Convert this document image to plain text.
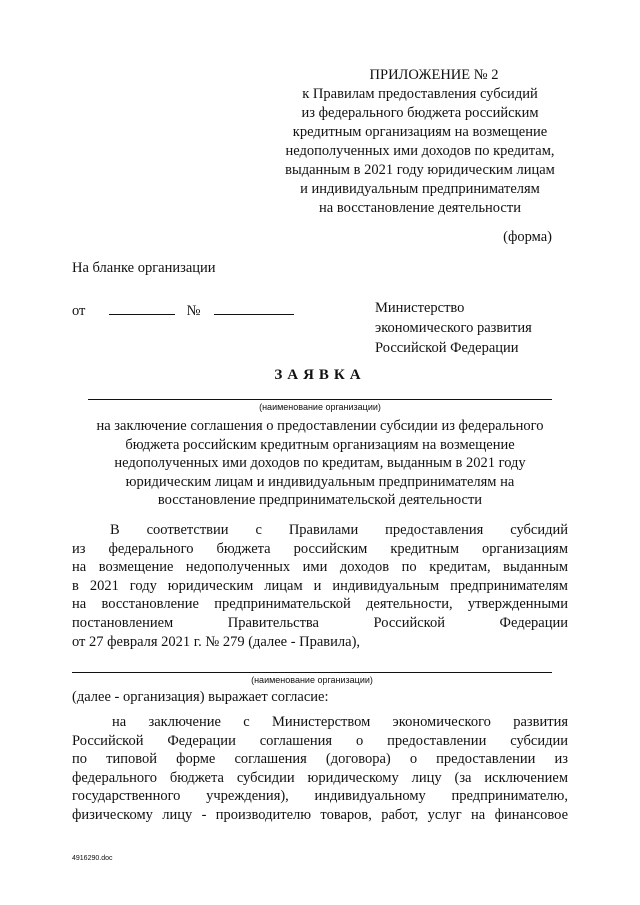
ПРИЛОЖЕНИЕ № 2
к Правилам предоставления субсидий
из федерального бюджета российским
кредитным организациям на возмещение
недополученных ими доходов по кредитам,
выданным в 2021 году юридическим лицам
и индивидуальным предпринимателям
на восстановление деятельности
(форма)
На бланке организации
от	№	Министерство
экономического развития
Российской Федерации
ЗАЯВКА
(наименование организации)
на заключение соглашения о предоставлении субсидии из федерального
бюджета российским кредитным организациям на возмещение
недополученных ими доходов по кредитам, выданным в 2021 году
юридическим лицам и индивидуальным предпринимателям на
восстановление предпринимательской деятельности
В соответствии с Правилами предоставления субсидий
из федерального бюджета российским кредитным организациям
на возмещение недополученных ими доходов по кредитам, выданным
в 2021 году юридическим лицам и индивидуальным предпринимателям
на восстановление предпринимательской деятельности, утвержденными
постановлением Правительства Российской Федерации
от 27 февраля 2021 г. № 279 (далее - Правила),
(наименование организации)
(далее - организация) выражает согласие:
на заключение с Министерством экономического развития
Российской Федерации соглашения о предоставлении субсидии
по типовой форме соглашения (договора) о предоставлении из
федерального бюджета субсидии юридическому лицу (за исключением
государственного учреждения), индивидуальному предпринимателю,
физическому лицу - производителю товаров, работ, услуг на финансовое
4916290.doc
